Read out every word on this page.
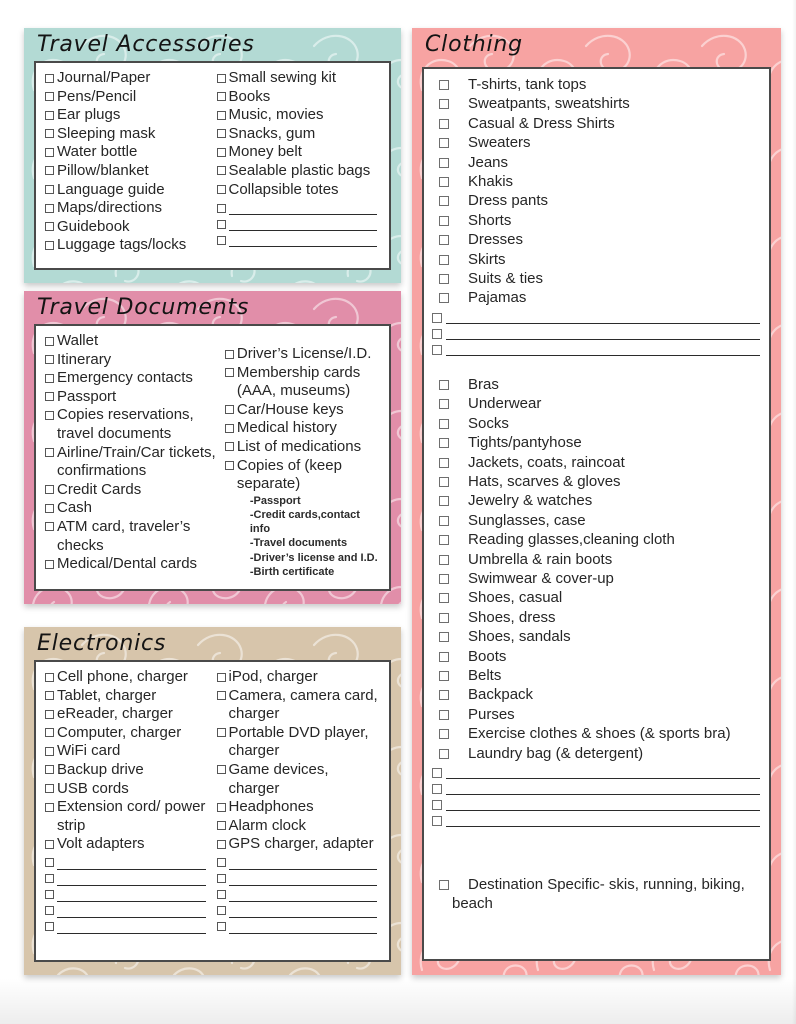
Travel Accessories
Journal/Paper
Pens/Pencil
Ear plugs
Sleeping mask
Water bottle
Pillow/blanket
Language guide
Maps/directions
Guidebook
Luggage tags/locks
Small sewing kit
Books
Music, movies
Snacks, gum
Money belt
Sealable plastic bags
Collapsible totes
Travel Documents
Wallet
Itinerary
Emergency contacts
Passport
Copies reservations, travel documents
Airline/Train/Car tickets, confirmations
Credit Cards
Cash
ATM card, traveler’s checks
Medical/Dental cards
Driver’s License/I.D.
Membership cards (AAA, museums)
Car/House keys
Medical history
List of medications
Copies of (keep separate)
-Passport
-Credit cards,contact info
-Travel documents
-Driver’s license and I.D.
-Birth certificate
Electronics
Cell phone, charger
Tablet, charger
eReader, charger
Computer, charger
WiFi card
Backup drive
USB cords
Extension cord/ power strip
Volt adapters
iPod, charger
Camera, camera card, charger
Portable DVD player, charger
Game devices, charger
Headphones
Alarm clock
GPS charger, adapter
Clothing
T-shirts, tank tops
Sweatpants, sweatshirts
Casual & Dress Shirts
Sweaters
Jeans
Khakis
Dress pants
Shorts
Dresses
Skirts
Suits & ties
Pajamas
Bras
Underwear
Socks
Tights/pantyhose
Jackets, coats, raincoat
Hats, scarves & gloves
Jewelry & watches
Sunglasses, case
Reading glasses,cleaning cloth
Umbrella & rain boots
Swimwear & cover-up
Shoes, casual
Shoes, dress
Shoes, sandals
Boots
Belts
Backpack
Purses
Exercise clothes & shoes (& sports bra)
Laundry bag (& detergent)
Destination Specific- skis, running, biking,
beach
